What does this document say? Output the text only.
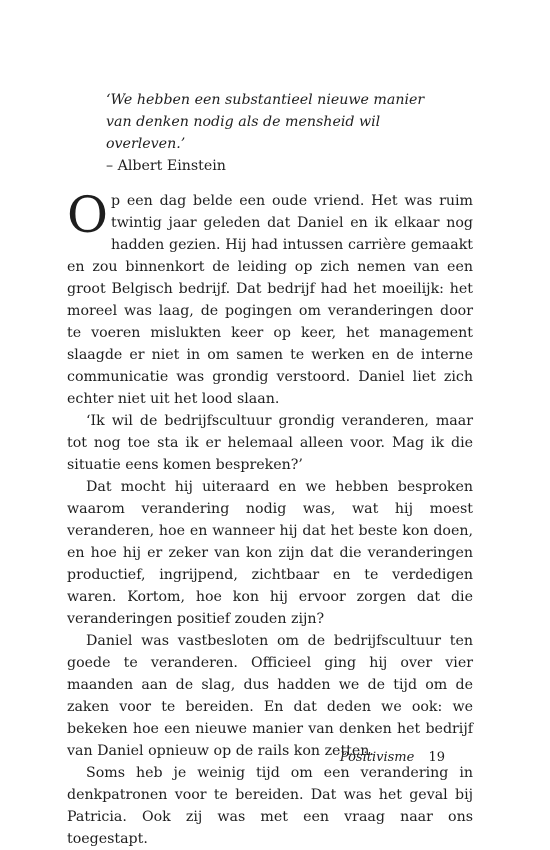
‘We hebben een substantieel nieuwe manier van denken nodig als de mensheid wil overleven.’

– Albert Einstein

Op een dag belde een oude vriend. Het was ruim twintig jaar geleden dat Daniel en ik elkaar nog hadden gezien. Hij had intussen carrière gemaakt en zou binnenkort de leiding op zich nemen van een groot Belgisch bedrijf. Dat bedrijf had het moeilijk: het moreel was laag, de pogingen om veranderingen door te voeren mislukten keer op keer, het management slaagde er niet in om samen te werken en de interne communicatie was grondig verstoord. Daniel liet zich echter niet uit het lood slaan.

‘Ik wil de bedrijfscultuur grondig veranderen, maar tot nog toe sta ik er helemaal alleen voor. Mag ik die situatie eens komen bespreken?’

Dat mocht hij uiteraard en we hebben besproken waarom verandering nodig was, wat hij moest veranderen, hoe en wanneer hij dat het beste kon doen, en hoe hij er zeker van kon zijn dat die veranderingen productief, ingrijpend, zichtbaar en te verdedigen waren. Kortom, hoe kon hij ervoor zorgen dat die veranderingen positief zouden zijn?

Daniel was vastbesloten om de bedrijfscultuur ten goede te veranderen. Officieel ging hij over vier maanden aan de slag, dus hadden we de tijd om de zaken voor te bereiden. En dat deden we ook: we bekeken hoe een nieuwe manier van denken het bedrijf van Daniel opnieuw op de rails kon zetten.

Soms heb je weinig tijd om een verandering in denkpatronen voor te bereiden. Dat was het geval bij Patricia. Ook zij was met een vraag naar ons toegestapt.

Positivisme 19
